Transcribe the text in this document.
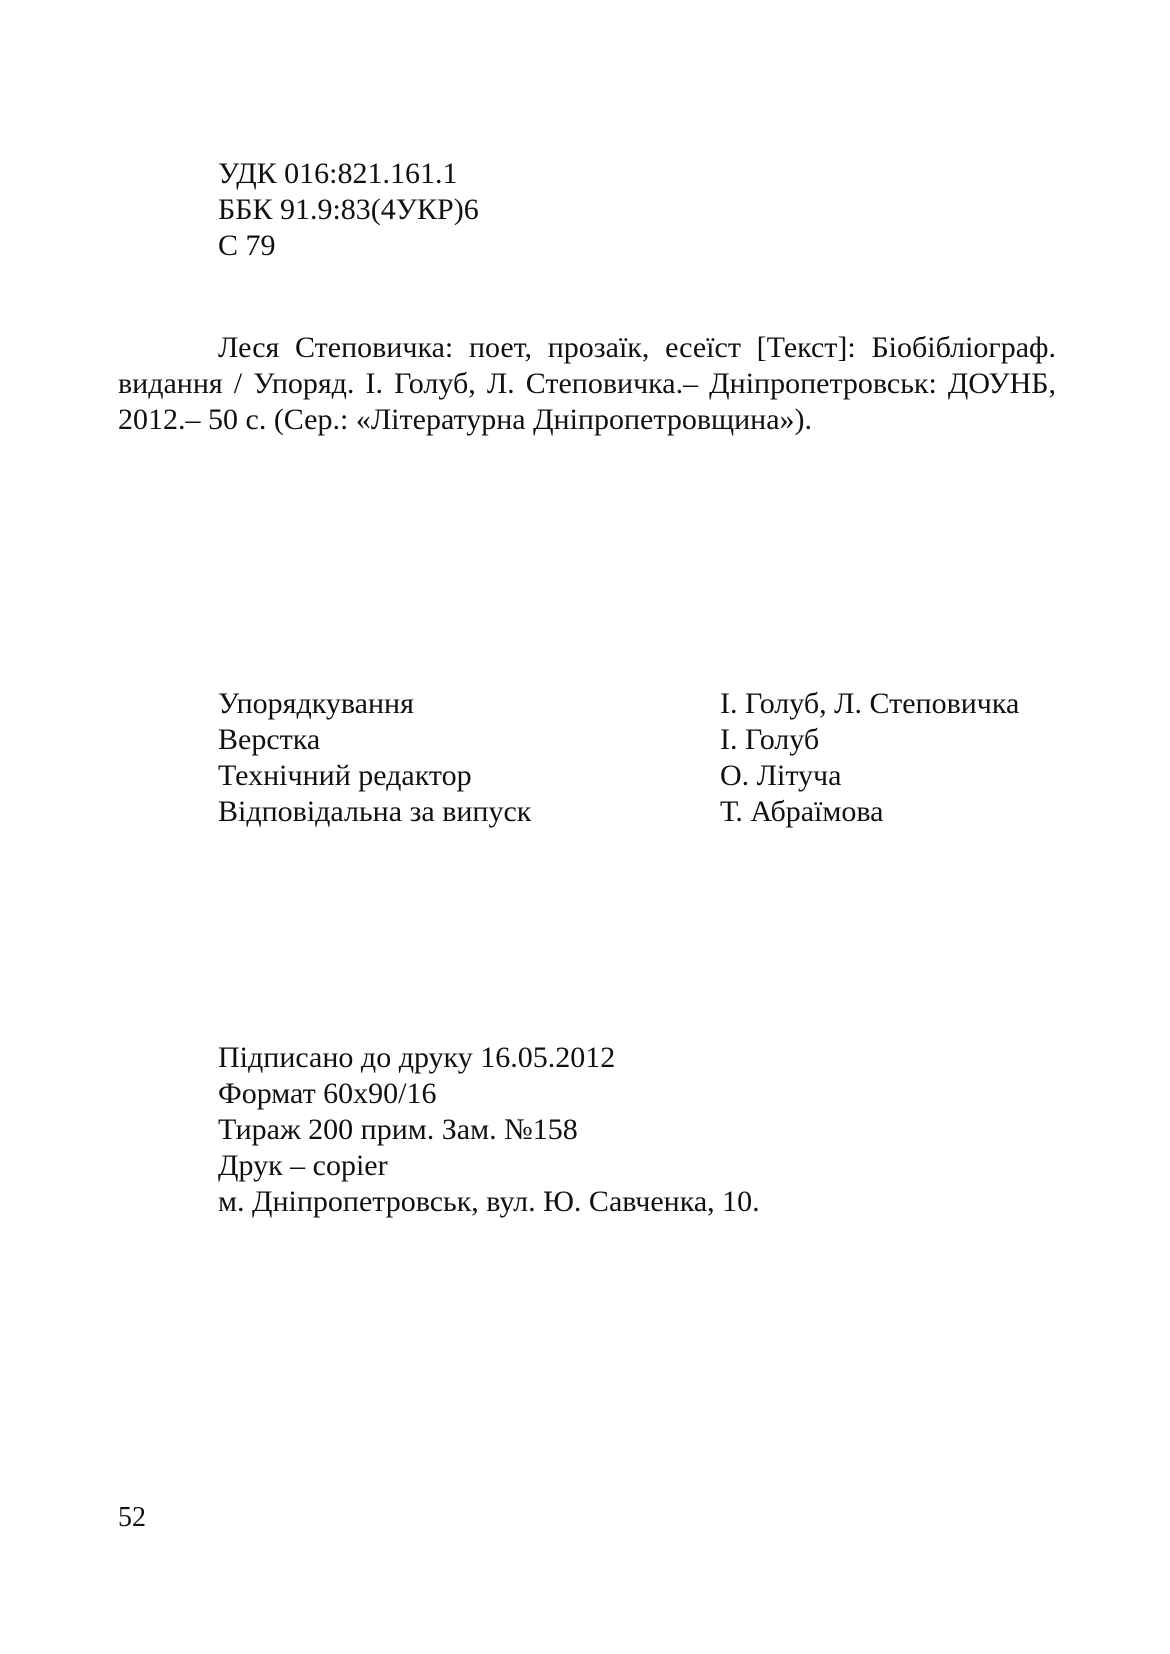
УДК 016:821.161.1
ББК 91.9:83(4УКР)6
С 79
Леся Степовичка: поет, прозаїк, есеїст [Текст]: Біобібліограф.
видання / Упоряд. І. Голуб, Л. Степовичка.– Дніпропетровськ: ДОУНБ,
2012.– 50 с. (Сер.: «Літературна Дніпропетровщина»).
Упорядкування	І. Голуб, Л. Степовичка
Верстка	І. Голуб
Технічний редактор	О. Літуча
Відповідальна за випуск	Т. Абраїмова
Підписано до друку 16.05.2012
Формат 60х90/16
Тираж 200 прим. Зам. №158
Друк – copier
м. Дніпропетровськ, вул. Ю. Савченка, 10.
52
